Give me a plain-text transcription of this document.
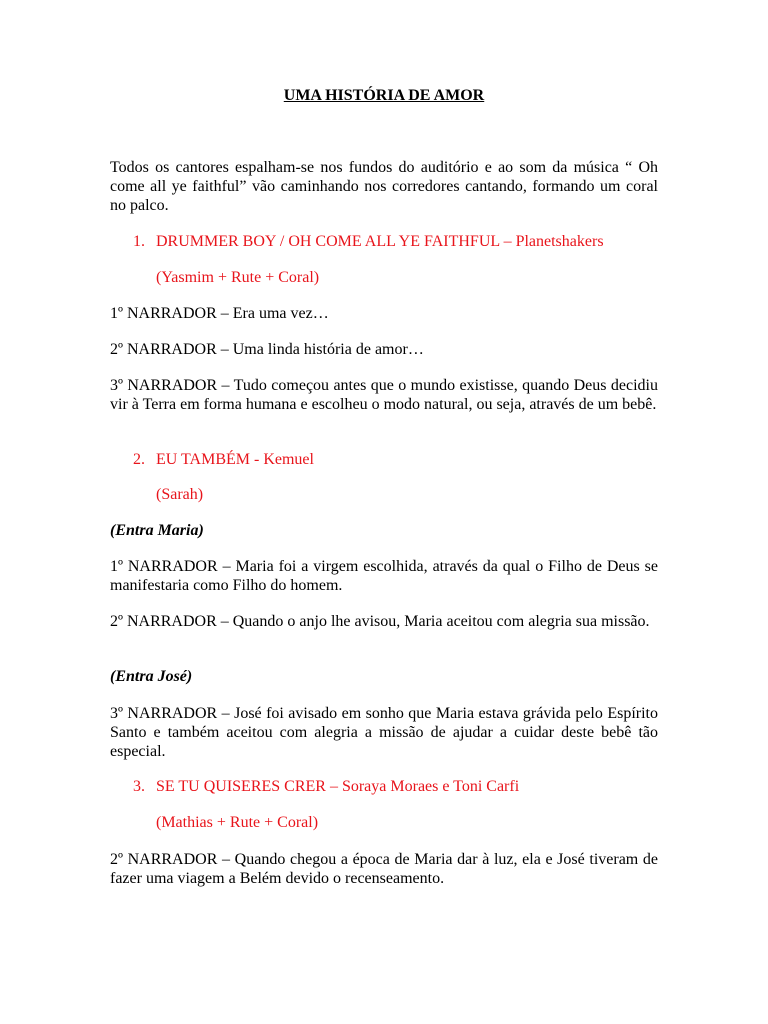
UMA HISTÓRIA DE AMOR
Todos os cantores espalham-se nos fundos do auditório e ao som da música “ Oh come all ye faithful” vão caminhando nos corredores cantando, formando um coral no palco.
1. DRUMMER BOY / OH COME ALL YE FAITHFUL – Planetshakers
(Yasmim + Rute + Coral)
1º NARRADOR – Era uma vez…
2º NARRADOR – Uma linda história de amor…
3º NARRADOR – Tudo começou antes que o mundo existisse, quando Deus decidiu vir à Terra em forma humana e escolheu o modo natural, ou seja, através de um bebê.
2. EU TAMBÉM - Kemuel
(Sarah)
(Entra Maria)
1º NARRADOR – Maria foi a virgem escolhida, através da qual o Filho de Deus se manifestaria como Filho do homem.
2º NARRADOR – Quando o anjo lhe avisou, Maria aceitou com alegria sua missão.
(Entra José)
3º NARRADOR – José foi avisado em sonho que Maria estava grávida pelo Espírito Santo e também aceitou com alegria a missão de ajudar a cuidar deste bebê tão especial.
3. SE TU QUISERES CRER – Soraya Moraes e Toni Carfi
(Mathias + Rute + Coral)
2º NARRADOR – Quando chegou a época de Maria dar à luz, ela e José tiveram de fazer uma viagem a Belém devido o recenseamento.
